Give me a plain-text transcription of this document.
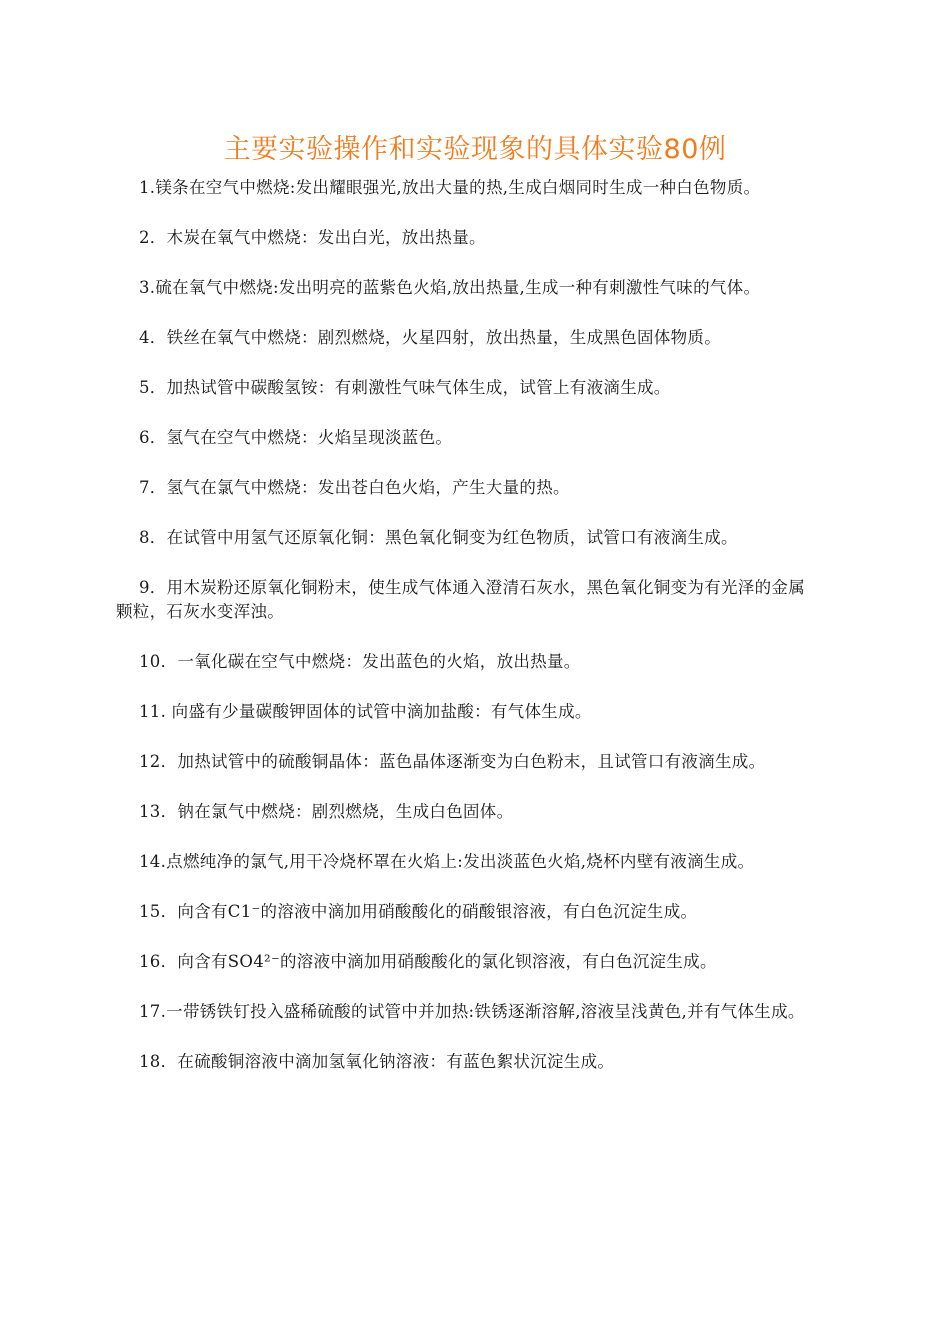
主要实验操作和实验现象的具体实验80例

1.镁条在空气中燃烧:发出耀眼强光,放出大量的热,生成白烟同时生成一种白色物质。

2．木炭在氧气中燃烧：发出白光，放出热量。

3.硫在氧气中燃烧:发出明亮的蓝紫色火焰,放出热量,生成一种有刺激性气味的气体。

4．铁丝在氧气中燃烧：剧烈燃烧，火星四射，放出热量，生成黑色固体物质。

5．加热试管中碳酸氢铵：有刺激性气味气体生成，试管上有液滴生成。

6．氢气在空气中燃烧：火焰呈现淡蓝色。

7．氢气在氯气中燃烧：发出苍白色火焰，产生大量的热。

8．在试管中用氢气还原氧化铜：黑色氧化铜变为红色物质，试管口有液滴生成。

9．用木炭粉还原氧化铜粉末，使生成气体通入澄清石灰水，黑色氧化铜变为有光泽的金属颗粒，石灰水变浑浊。

10．一氧化碳在空气中燃烧：发出蓝色的火焰，放出热量。

11. 向盛有少量碳酸钾固体的试管中滴加盐酸：有气体生成。

12．加热试管中的硫酸铜晶体：蓝色晶体逐渐变为白色粉末，且试管口有液滴生成。

13．钠在氯气中燃烧：剧烈燃烧，生成白色固体。

14.点燃纯净的氯气,用干冷烧杯罩在火焰上:发出淡蓝色火焰,烧杯内壁有液滴生成。

15．向含有C1⁻的溶液中滴加用硝酸酸化的硝酸银溶液，有白色沉淀生成。

16．向含有SO4²⁻的溶液中滴加用硝酸酸化的氯化钡溶液，有白色沉淀生成。

17.一带锈铁钉投入盛稀硫酸的试管中并加热:铁锈逐渐溶解,溶液呈浅黄色,并有气体生成。

18．在硫酸铜溶液中滴加氢氧化钠溶液：有蓝色絮状沉淀生成。
